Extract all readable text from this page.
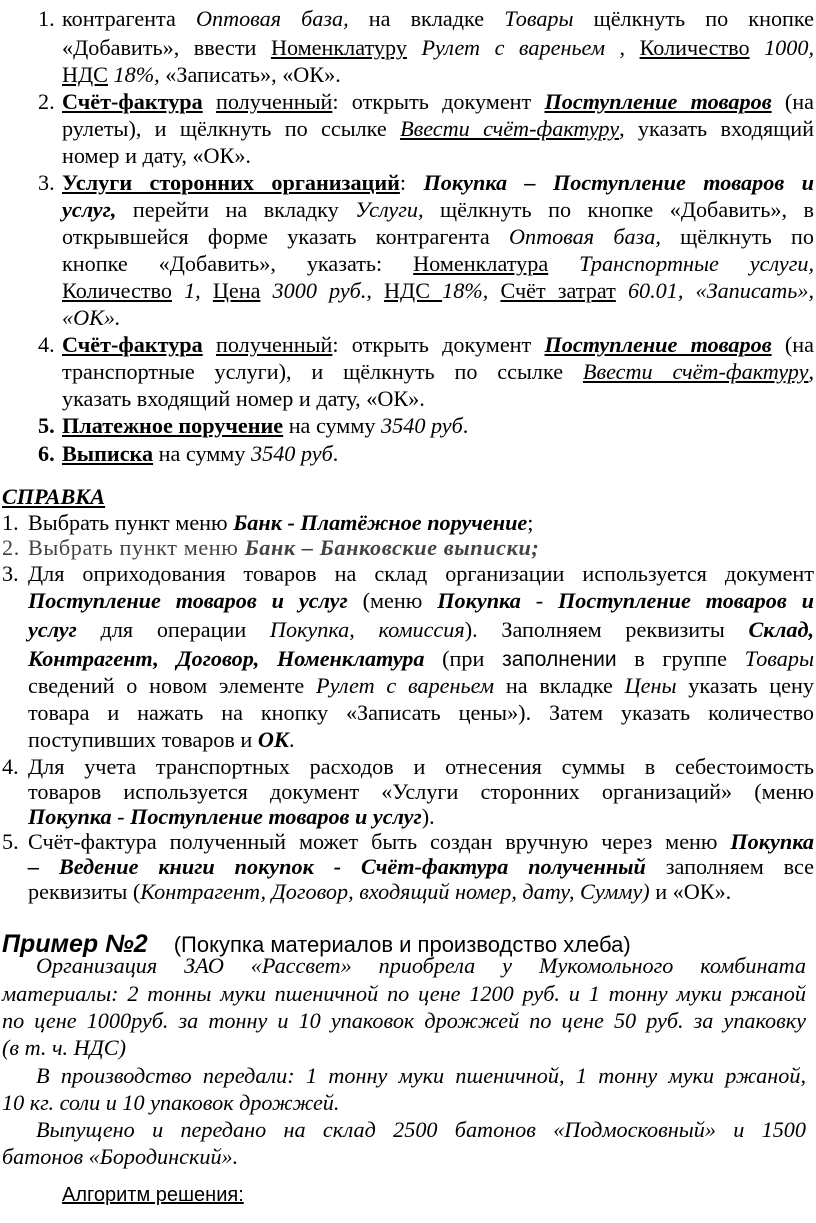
1. контрагента Оптовая база, на вкладке Товары щёлкнуть по кнопке
«Добавить», ввести Номенклатуру Рулет с вареньем , Количество 1000,
НДС 18%, «Записать», «ОК».
2. Счёт-фактура полученный: открыть документ Поступление товаров (на
рулеты), и щёлкнуть по ссылке Ввести счёт-фактуру, указать входящий
номер и дату, «ОК».
3. Услуги сторонних организаций: Покупка – Поступление товаров и
услуг, перейти на вкладку Услуги, щёлкнуть по кнопке «Добавить», в
открывшейся форме указать контрагента Оптовая база, щёлкнуть по
кнопке «Добавить», указать: Номенклатура Транспортные услуги,
Количество 1, Цена 3000 руб., НДС 18%, Счёт затрат 60.01, «Записать»,
«ОК».
4. Счёт-фактура полученный: открыть документ Поступление товаров (на
транспортные услуги), и щёлкнуть по ссылке Ввести счёт-фактуру,
указать входящий номер и дату, «ОК».
5. Платежное поручение на сумму 3540 руб.
6. Выписка на сумму 3540 руб.
СПРАВКА
1. Выбрать пункт меню Банк - Платёжное поручение;
2. Выбрать пункт меню Банк – Банковские выписки;
3. Для оприходования товаров на склад организации используется документ
Поступление товаров и услуг (меню Покупка - Поступление товаров и
услуг для операции Покупка, комиссия). Заполняем реквизиты Склад,
Контрагент, Договор, Номенклатура (при заполнении в группе Товары
сведений о новом элементе Рулет с вареньем на вкладке Цены указать цену
товара и нажать на кнопку «Записать цены»). Затем указать количество
поступивших товаров и ОК.
4. Для учета транспортных расходов и отнесения суммы в себестоимость
товаров используется документ «Услуги сторонних организаций» (меню
Покупка - Поступление товаров и услуг).
5. Счёт-фактура полученный может быть создан вручную через меню Покупка
– Ведение книги покупок - Счёт-фактура полученный заполняем все
реквизиты (Контрагент, Договор, входящий номер, дату, Сумму) и «ОК».
Пример №2 (Покупка материалов и производство хлеба)
Организация ЗАО «Рассвет» приобрела у Мукомольного комбината
материалы: 2 тонны муки пшеничной по цене 1200 руб. и 1 тонну муки ржаной
по цене 1000руб. за тонну и 10 упаковок дрожжей по цене 50 руб. за упаковку
(в т. ч. НДС)
В производство передали: 1 тонну муки пшеничной, 1 тонну муки ржаной,
10 кг. соли и 10 упаковок дрожжей.
Выпущено и передано на склад 2500 батонов «Подмосковный» и 1500
батонов «Бородинский».
Алгоритм решения:
